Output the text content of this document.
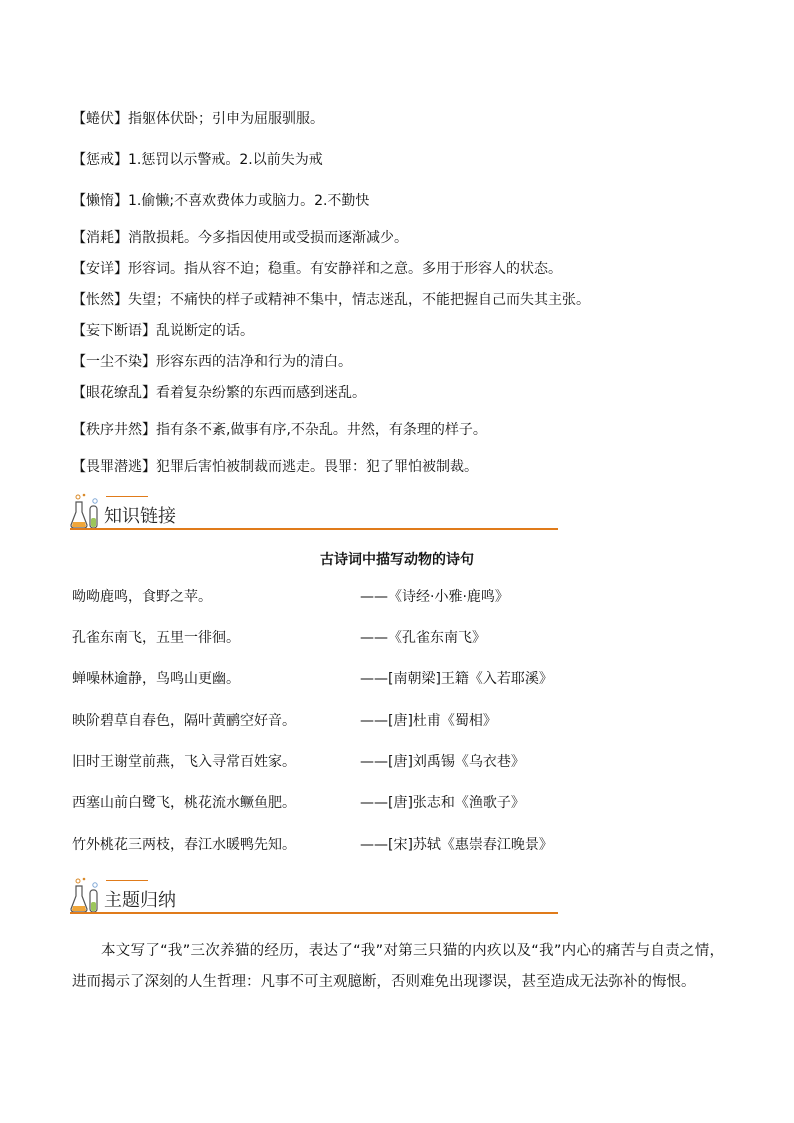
【蜷伏】指躯体伏卧；引申为屈服驯服。
【惩戒】1.惩罚以示警戒。2.以前失为戒
【懒惰】1.偷懒;不喜欢费体力或脑力。2.不勤快
【消耗】消散损耗。今多指因使用或受损而逐渐减少。
【安详】形容词。指从容不迫；稳重。有安静祥和之意。多用于形容人的状态。
【怅然】失望；不痛快的样子或精神不集中，情志迷乱，不能把握自己而失其主张。
【妄下断语】乱说断定的话。
【一尘不染】形容东西的洁净和行为的清白。
【眼花缭乱】看着复杂纷繁的东西而感到迷乱。
【秩序井然】指有条不紊,做事有序,不杂乱。井然，有条理的样子。
【畏罪潜逃】犯罪后害怕被制裁而逃走。畏罪：犯了罪怕被制裁。
知识链接
古诗词中描写动物的诗句
呦呦鹿鸣，食野之苹。	——《诗经·小雅·鹿鸣》
孔雀东南飞，五里一徘徊。	——《孔雀东南飞》
蝉噪林逾静，鸟鸣山更幽。	——[南朝梁]王籍《入若耶溪》
映阶碧草自春色，隔叶黄鹂空好音。	——[唐]杜甫《蜀相》
旧时王谢堂前燕，飞入寻常百姓家。	——[唐]刘禹锡《乌衣巷》
西塞山前白鹭飞，桃花流水鳜鱼肥。	——[唐]张志和《渔歌子》
竹外桃花三两枝，春江水暖鸭先知。	——[宋]苏轼《惠崇春江晚景》
主题归纳
本文写了“我”三次养猫的经历，表达了“我”对第三只猫的内疚以及“我”内心的痛苦与自责之情，进而揭示了深刻的人生哲理：凡事不可主观臆断，否则难免出现谬误，甚至造成无法弥补的悔恨。
